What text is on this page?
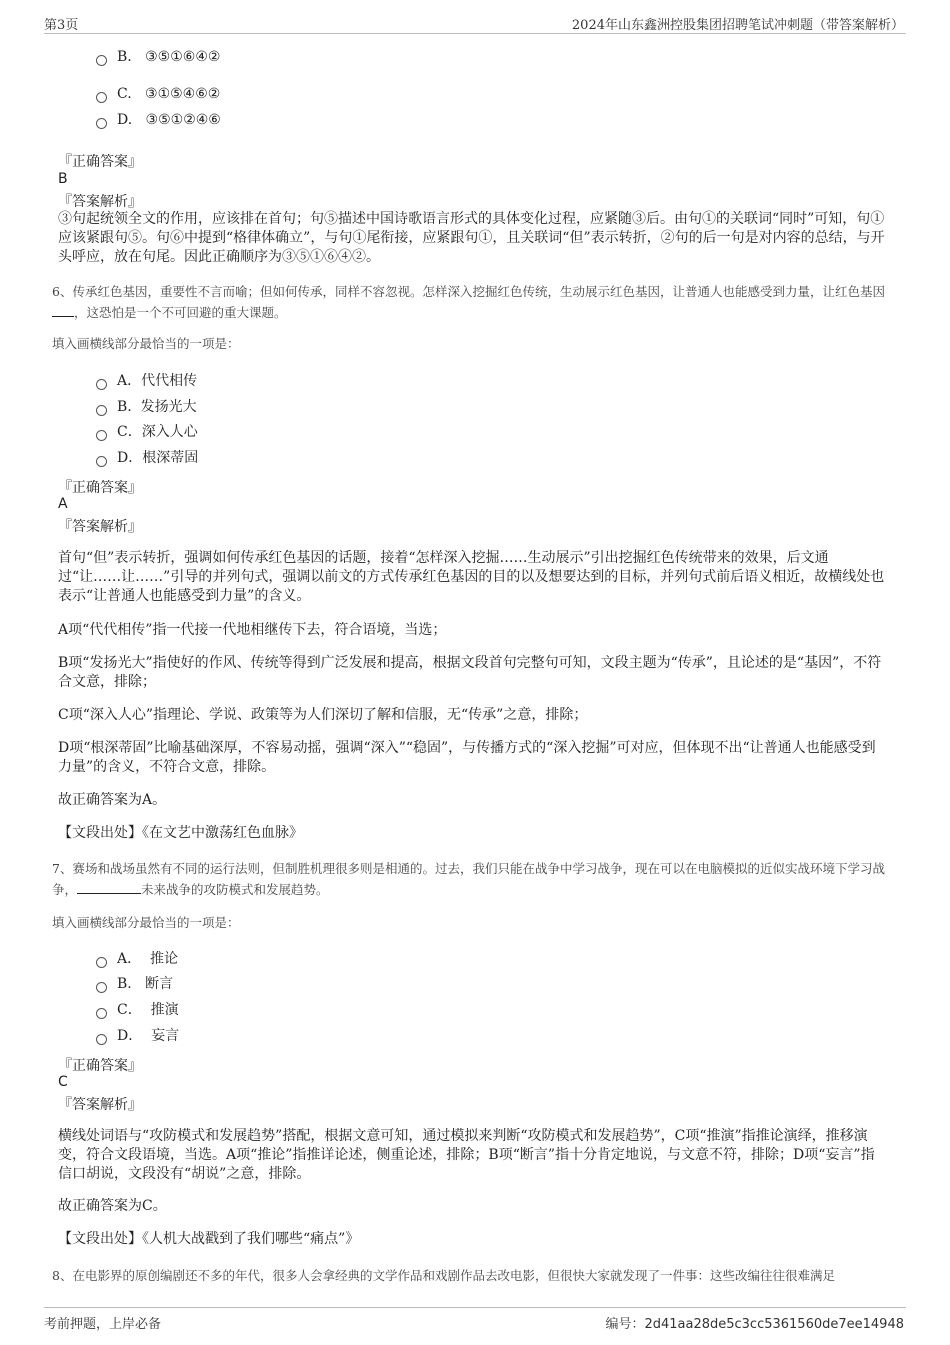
第3页	2024年山东鑫洲控股集团招聘笔试冲刺题（带答案解析）
B. ③⑤①⑥④②
C. ③①⑤④⑥②
D. ③⑤①②④⑥
『正确答案』
B
『答案解析』
③句起统领全文的作用，应该排在首句；句⑤描述中国诗歌语言形式的具体变化过程，应紧随③后。由句①的关联词“同时”可知，句①应该紧跟句⑤。句⑥中提到“格律体确立”，与句①尾衔接，应紧跟句①，且关联词“但”表示转折，②句的后一句是对内容的总结，与开头呼应，放在句尾。因此正确顺序为③⑤①⑥④②。
6、传承红色基因，重要性不言而喻；但如何传承，同样不容忽视。怎样深入挖掘红色传统，生动展示红色基因，让普通人也能感受到力量，让红色基因，这恐怕是一个不可回避的重大课题。
填入画横线部分最恰当的一项是：
A．代代相传
B. 发扬光大
C．深入人心
D．根深蒂固
『正确答案』
A
『答案解析』
首句“但”表示转折，强调如何传承红色基因的话题，接着“怎样深入挖掘……生动展示”引出挖掘红色传统带来的效果，后文通过“让……让……”引导的并列句式，强调以前文的方式传承红色基因的目的以及想要达到的目标，并列句式前后语义相近，故横线处也表示“让普通人也能感受到力量”的含义。
A项“代代相传”指一代接一代地相继传下去，符合语境，当选；
B项“发扬光大”指使好的作风、传统等得到广泛发展和提高，根据文段首句完整句可知，文段主题为“传承”，且论述的是“基因”，不符合文意，排除；
C项“深入人心”指理论、学说、政策等为人们深切了解和信服，无“传承”之意，排除；
D项“根深蒂固”比喻基础深厚，不容易动摇，强调“深入”“稳固”，与传播方式的“深入挖掘”可对应，但体现不出“让普通人也能感受到力量”的含义，不符合文意，排除。
故正确答案为A。
【文段出处】《在文艺中激荡红色血脉》
7、赛场和战场虽然有不同的运行法则，但制胜机理很多则是相通的。过去，我们只能在战争中学习战争，现在可以在电脑模拟的近似实战环境下学习战争，	未来战争的攻防模式和发展趋势。
填入画横线部分最恰当的一项是：
A． 推论
B. 断言
C． 推演
D． 妄言
『正确答案』
C
『答案解析』
横线处词语与“攻防模式和发展趋势”搭配，根据文意可知，通过模拟来判断“攻防模式和发展趋势”，C项“推演”指推论演绎，推移演变，符合文段语境，当选。A项“推论”指推详论述，侧重论述，排除；B项“断言”指十分肯定地说，与文意不符，排除；D项“妄言”指信口胡说，文段没有“胡说”之意，排除。
故正确答案为C。
【文段出处】《人机大战戳到了我们哪些“痛点”》
8、在电影界的原创编剧还不多的年代，很多人会拿经典的文学作品和戏剧作品去改电影，但很快大家就发现了一件事：这些改编往往很难满足
考前押题，上岸必备	编号：2d41aa28de5c3cc5361560de7ee14948
